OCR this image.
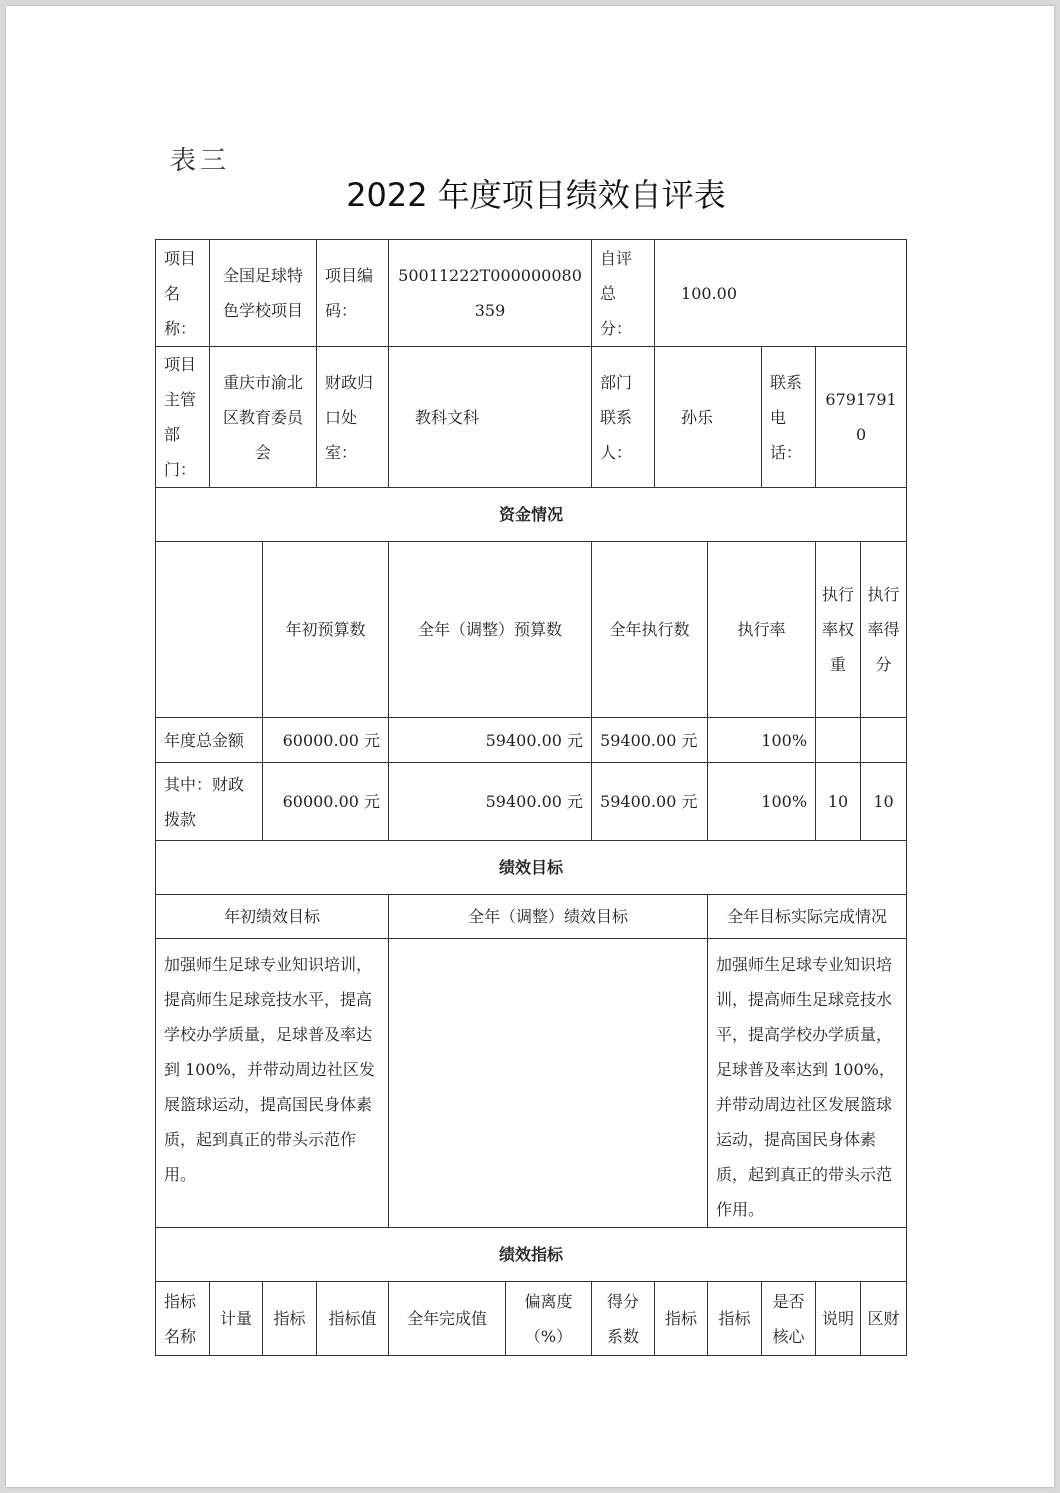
表三
2022 年度项目绩效自评表
项目名称：	全国足球特色学校项目		项目编码：	50011222T000000080359		自评总分：	100.00				
项目主管部门：	重庆市渝北区教育委员会		财政归口处室：	教科文科		部门联系人：	孙乐		联系电话：	67917910	
资金情况											
		年初预算数		全年（调整）预算数		全年执行数		执行率		执行率权重	执行率得分
年度总金额		60000.00 元		59400.00 元		59400.00 元		100%			
其中：财政拨款		60000.00 元		59400.00 元		59400.00 元		100%		10	10
绩效目标											
年初绩效目标				全年（调整）绩效目标				全年目标实际完成情况			
加强师生足球专业知识培训，提高师生足球竞技水平，提高学校办学质量，足球普及率达到 100%，并带动周边社区发展篮球运动，提高国民身体素质，起到真正的带头示范作用。								加强师生足球专业知识培训，提高师生足球竞技水平，提高学校办学质量，足球普及率达到 100%，并带动周边社区发展篮球运动，提高国民身体素质，起到真正的带头示范作用。			
绩效指标											
指标名称	计量	指标	指标值	全年完成值	偏离度（%）	得分系数	指标	指标	是否核心	说明	区财
